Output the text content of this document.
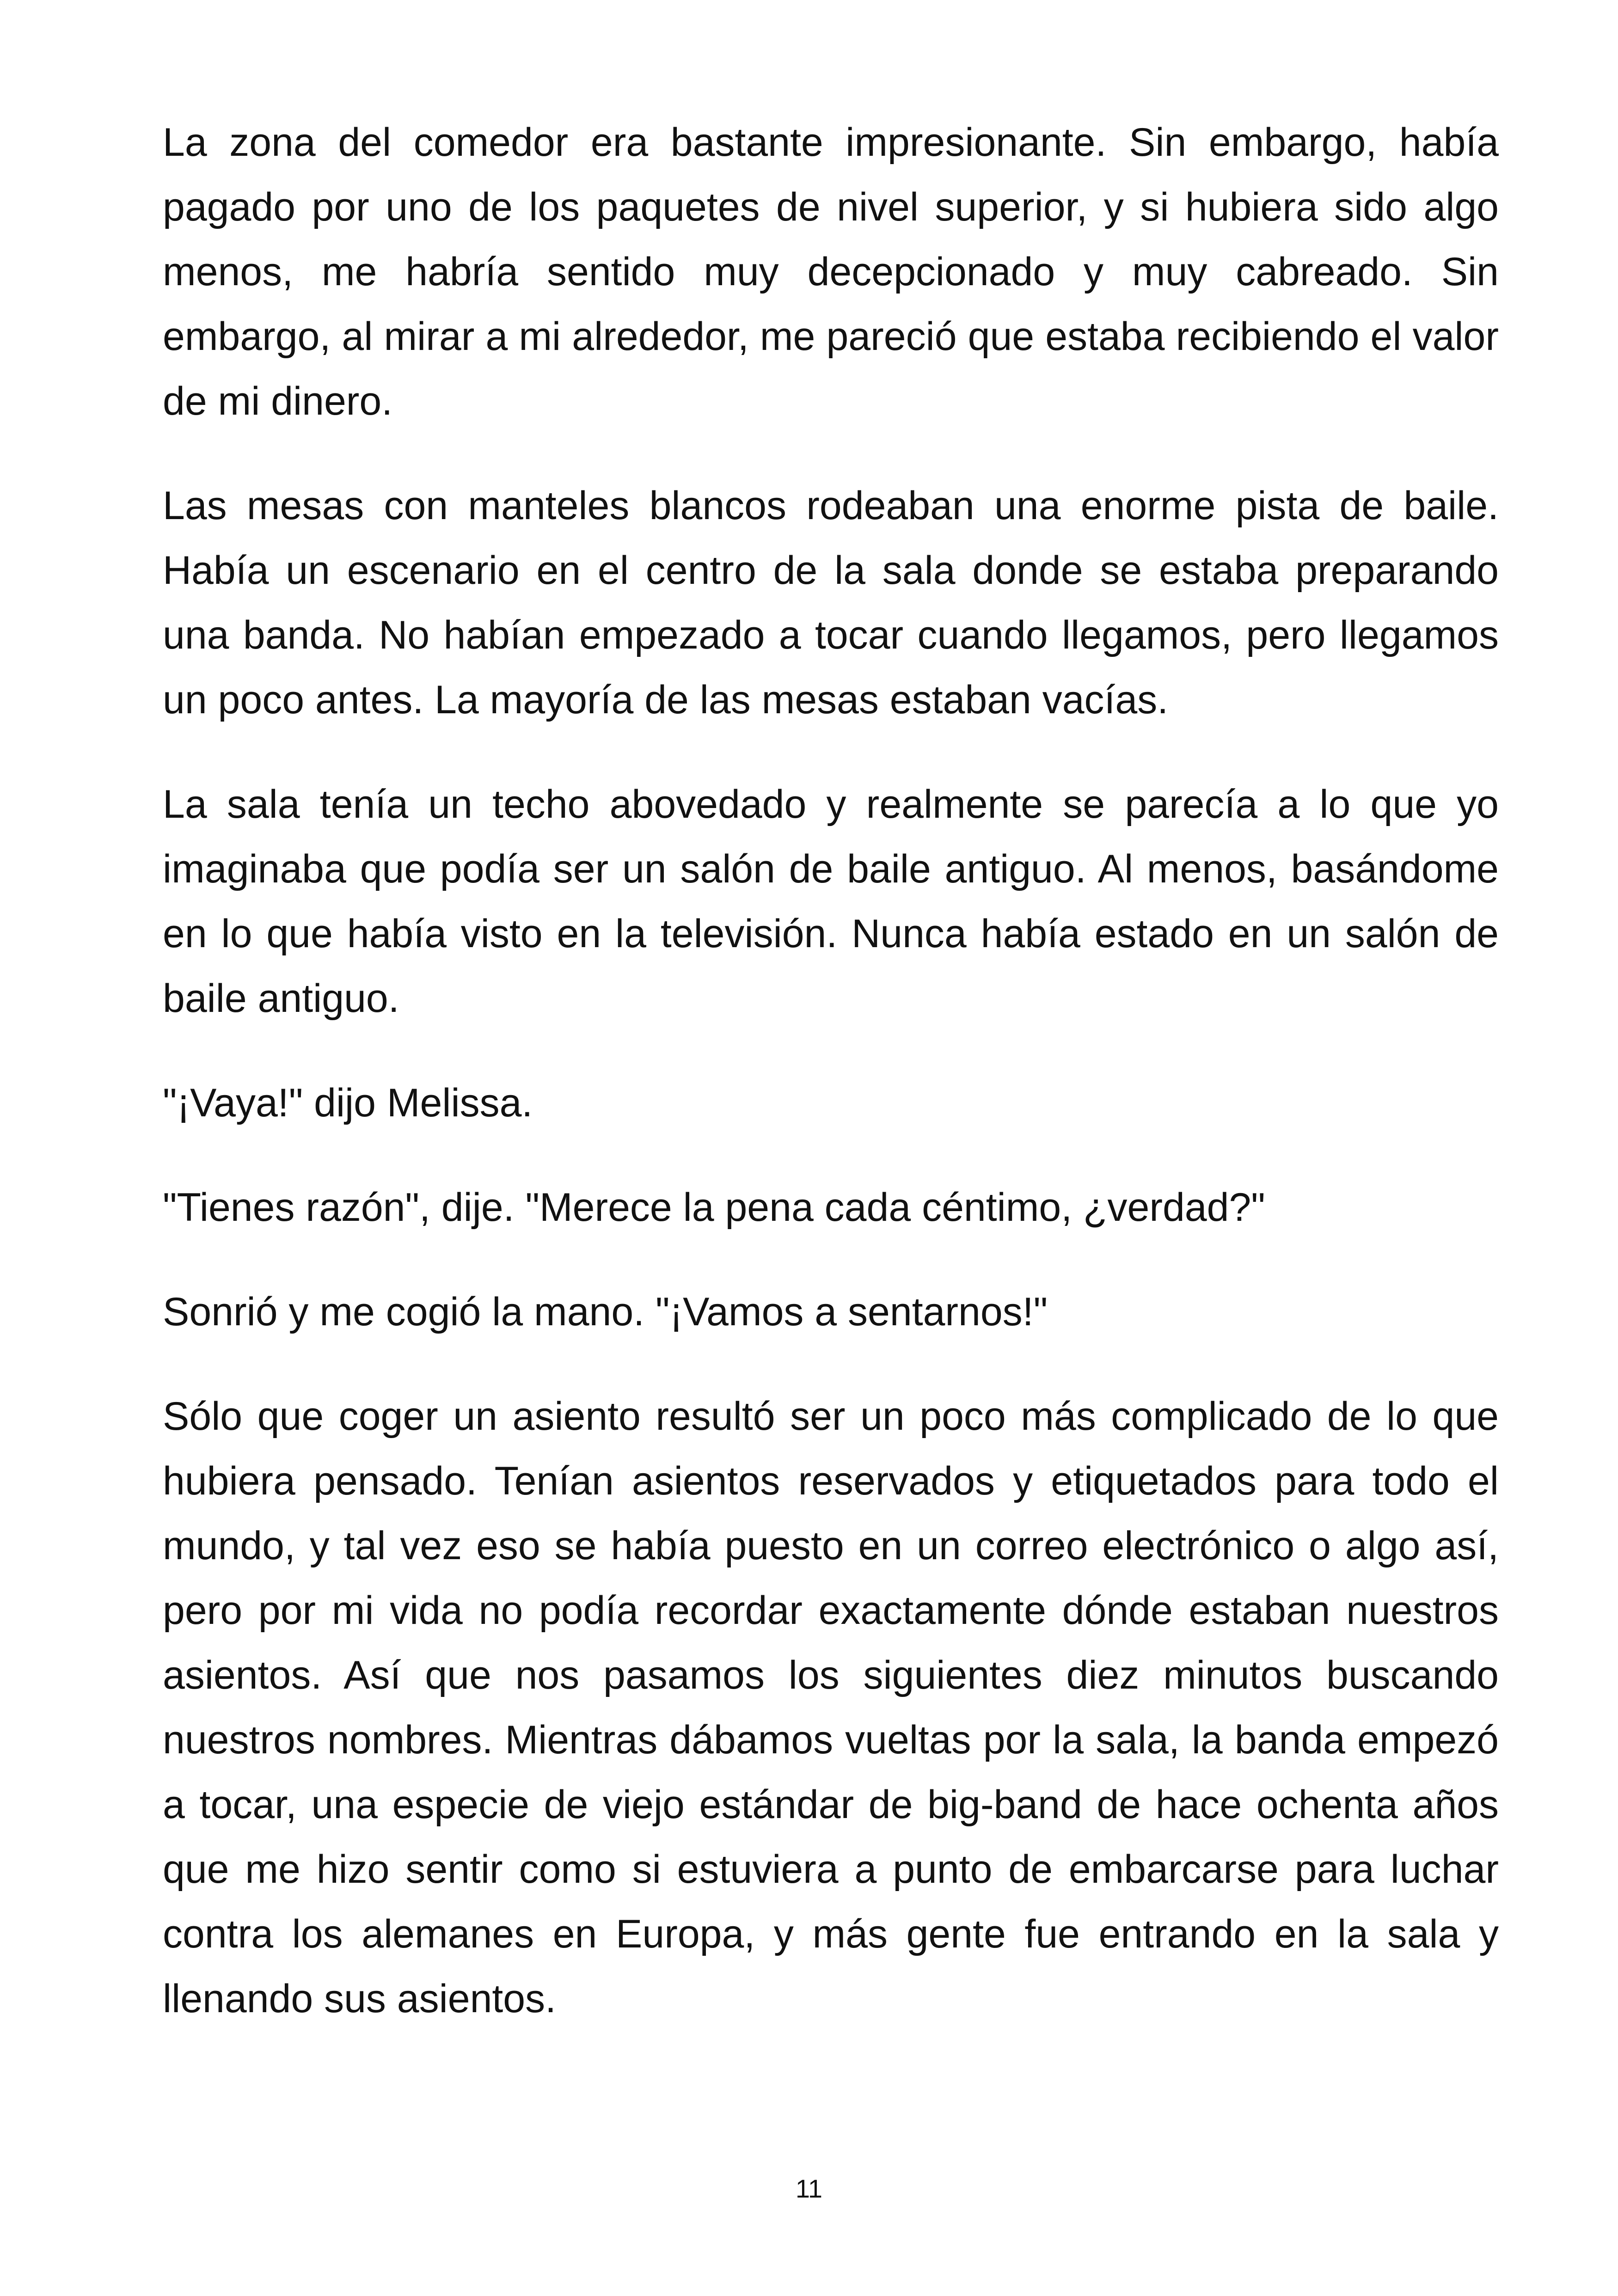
La zona del comedor era bastante impresionante. Sin embargo, había pagado por uno de los paquetes de nivel superior, y si hubiera sido algo menos, me habría sentido muy decepcionado y muy cabreado. Sin embargo, al mirar a mi alrededor, me pareció que estaba recibiendo el valor de mi dinero.

Las mesas con manteles blancos rodeaban una enorme pista de baile. Había un escenario en el centro de la sala donde se estaba preparando una banda. No habían empezado a tocar cuando llegamos, pero llegamos un poco antes. La mayoría de las mesas estaban vacías.

La sala tenía un techo abovedado y realmente se parecía a lo que yo imaginaba que podía ser un salón de baile antiguo. Al menos, basándome en lo que había visto en la televisión. Nunca había estado en un salón de baile antiguo.

"¡Vaya!" dijo Melissa.

"Tienes razón", dije. "Merece la pena cada céntimo, ¿verdad?"

Sonrió y me cogió la mano. "¡Vamos a sentarnos!"

Sólo que coger un asiento resultó ser un poco más complicado de lo que hubiera pensado. Tenían asientos reservados y etiquetados para todo el mundo, y tal vez eso se había puesto en un correo electrónico o algo así, pero por mi vida no podía recordar exactamente dónde estaban nuestros asientos. Así que nos pasamos los siguientes diez minutos buscando nuestros nombres. Mientras dábamos vueltas por la sala, la banda empezó a tocar, una especie de viejo estándar de big-band de hace ochenta años que me hizo sentir como si estuviera a punto de embarcarse para luchar contra los alemanes en Europa, y más gente fue entrando en la sala y llenando sus asientos.

11
